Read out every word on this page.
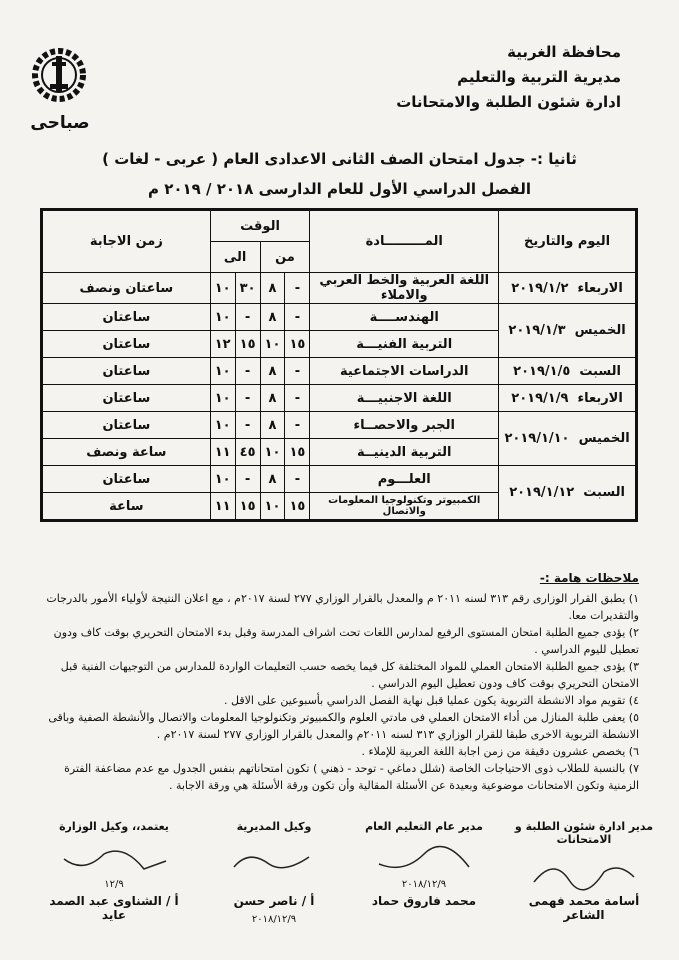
محافظة الغربية
مديرية التربية والتعليم
ادارة شئون الطلبة والامتحانات
صباحى
ثانيا :- جدول امتحان الصف الثانى الاعدادى العام ( عربى - لغات )
الفصل الدراسي الأول للعام الدارسى ٢٠١٨ / ٢٠١٩ م
اليوم والتاريخ	المـــــــــادة	الوقت				زمن الاجابة
		من		الى		
الاربعاء  ٢٠١٩/١/٢	اللغة العربية والخط العربي والاملاء	-	٨	٣٠	١٠	ساعتان ونصف
الخميس  ٢٠١٩/١/٣	الهندســــة	-	٨	-	١٠	ساعتان
	التربية الفنيـــة	١٥	١٠	١٥	١٢	ساعتان
السبت  ٢٠١٩/١/٥	الدراسات الاجتماعية	-	٨	-	١٠	ساعتان
الاربعاء  ٢٠١٩/١/٩	اللغة الاجنبيـــة	-	٨	-	١٠	ساعتان
الخميس  ٢٠١٩/١/١٠	الجبر والاحصــاء	-	٨	-	١٠	ساعتان
	التربية الدينيــة	١٥	١٠	٤٥	١١	ساعة ونصف
السبت  ٢٠١٩/١/١٢	العلـــوم	-	٨	-	١٠	ساعتان
	الكمبيوتر وتكنولوجيا المعلومات والاتصال	١٥	١٠	١٥	١١	ساعة
ملاحظات هامة :-

١) يطبق القرار الوزارى رقم ٣١٣ لسنه ٢٠١١ م والمعدل بالقرار الوزاري ٢٧٧ لسنة ٢٠١٧م ، مع اعلان النتيجة لأولياء الأمور بالدرجات والتقديرات معا.

٢) يؤدى جميع الطلبة امتحان المستوى الرفيع لمدارس اللغات تحت اشراف المدرسة وقبل بدء الامتحان التحريري بوقت كاف ودون تعطيل لليوم الدراسي .

٣) يؤدى جميع الطلبة الامتحان العملي للمواد المختلفة كل فيما يخصه حسب التعليمات الواردة للمدارس من التوجيهات الفنية قبل الامتحان التحريري بوقت كاف ودون تعطيل اليوم الدراسي .

٤) تقويم مواد الانشطة التربوية يكون عمليا قبل نهاية الفصل الدراسي بأسبوعين على الاقل .

٥) يعفى طلبة المنازل من أداء الامتحان العملي فى مادتي العلوم والكمبيوتر وتكنولوجيا المعلومات والاتصال والأنشطة الصفية وباقى الانشطة التربوية الاخرى طبقا للقرار الوزاري ٣١٣ لسنه ٢٠١١م والمعدل بالقرار الوزاري ٢٧٧ لسنة ٢٠١٧م .

٦) يخصص عشرون دقيقة من زمن اجابة اللغة العربية للإملاء .

٧) بالنسبة للطلاب ذوى الاحتياجات الخاصة (شلل دماغي - توحد - ذهني ) تكون امتحاناتهم بنفس الجدول مع عدم مضاعفة الفترة الزمنية وتكون الامتحانات موضوعية وبعيدة عن الأسئلة المقالية وأن تكون ورقة الأسئلة هي ورقة الاجابة .

مدير ادارة شئون الطلبة و الامتحانات
أسامة محمد فهمى الشاعر
مدير عام التعليم العام
٢٠١٨/١٢/٩
محمد فاروق حماد
وكيل المديرية
أ / ناصر حسن
٢٠١٨/١٢/٩
يعتمد،، وكيل الوزارة
١٢/٩
أ / الشناوى عبد الصمد عايد
